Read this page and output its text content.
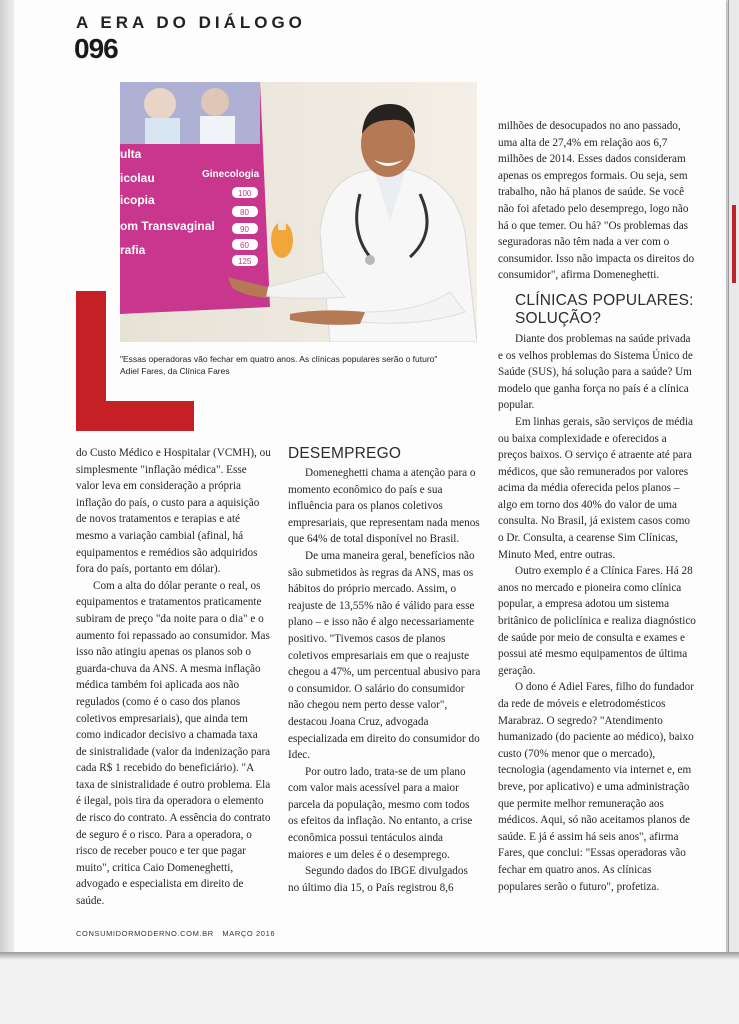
A ERA DO DIÁLOGO
096
ulta
Ginecologia
icolau
icopia
om Transvaginal
rafia
100
80
90
60
125
"Essas operadoras vão fechar em quatro anos. As clínicas populares serão o futuro"
Adiel Fares, da Clínica Fares

do Custo Médico e Hospitalar (VCMH), ou simplesmente "inflação médica". Esse valor leva em consideração a própria inflação do país, o custo para a aquisição de novos tratamentos e terapias e até mesmo a variação cambial (afinal, há equipamentos e remédios são adquiridos fora do país, portanto em dólar).

Com a alta do dólar perante o real, os equipamentos e tratamentos praticamente subiram de preço "da noite para o dia" e o aumento foi repassado ao consumidor. Mas isso não atingiu apenas os planos sob o guarda-chuva da ANS. A mesma inflação médica também foi aplicada aos não regulados (como é o caso dos planos coletivos empresariais), que ainda tem como indicador decisivo a chamada taxa de sinistralidade (valor da indenização para cada R$ 1 recebido do beneficiário). "A taxa de sinistralidade é outro problema. Ela é ilegal, pois tira da operadora o elemento de risco do contrato. A essência do contrato de seguro é o risco. Para a operadora, o risco de receber pouco e ter que pagar muito", critica Caio Domeneghetti, advogado e especialista em direito de saúde.

DESEMPREGO

Domeneghetti chama a atenção para o momento econômico do país e sua influência para os planos coletivos empresariais, que representam nada menos que 64% de total disponível no Brasil.

De uma maneira geral, benefícios não são submetidos às regras da ANS, mas os hábitos do próprio mercado. Assim, o reajuste de 13,55% não é válido para esse plano – e isso não é algo necessariamente positivo. "Tivemos casos de planos coletivos empresariais em que o reajuste chegou a 47%, um percentual abusivo para o consumidor. O salário do consumidor não chegou nem perto desse valor", destacou Joana Cruz, advogada especializada em direito do consumidor do Idec.

Por outro lado, trata-se de um plano com valor mais acessível para a maior parcela da população, mesmo com todos os efeitos da inflação. No entanto, a crise econômica possui tentáculos ainda maiores e um deles é o desemprego.

Segundo dados do IBGE divulgados no último dia 15, o País registrou 8,6

milhões de desocupados no ano passado, uma alta de 27,4% em relação aos 6,7 milhões de 2014. Esses dados consideram apenas os empregos formais. Ou seja, sem trabalho, não há planos de saúde. Se você não foi afetado pelo desemprego, logo não há o que temer. Ou há? "Os problemas das seguradoras não têm nada a ver com o consumidor. Isso não impacta os direitos do consumidor", afirma Domeneghetti.

CLÍNICAS POPULARES:
SOLUÇÃO?

Diante dos problemas na saúde privada e os velhos problemas do Sistema Único de Saúde (SUS), há solução para a saúde? Um modelo que ganha força no país é a clínica popular.

Em linhas gerais, são serviços de média ou baixa complexidade e oferecidos a preços baixos. O serviço é atraente até para médicos, que são remunerados por valores acima da média oferecida pelos planos – algo em torno dos 40% do valor de uma consulta. No Brasil, já existem casos como o Dr. Consulta, a cearense Sim Clínicas, Minuto Med, entre outras.

Outro exemplo é a Clínica Fares. Há 28 anos no mercado e pioneira como clínica popular, a empresa adotou um sistema britânico de policlínica e realiza diagnóstico de saúde por meio de consulta e exames e possui até mesmo equipamentos de última geração.

O dono é Adiel Fares, filho do fundador da rede de móveis e eletrodomésticos Marabraz. O segredo? "Atendimento humanizado (do paciente ao médico), baixo custo (70% menor que o mercado), tecnologia (agendamento via internet e, em breve, por aplicativo) e uma administração que permite melhor remuneração aos médicos. Aqui, só não aceitamos planos de saúde. E já é assim há seis anos", afirma Fares, que conclui: "Essas operadoras vão fechar em quatro anos. As clínicas populares serão o futuro", profetiza.

CONSUMIDORMODERNO.COM.BR MARÇO 2016
